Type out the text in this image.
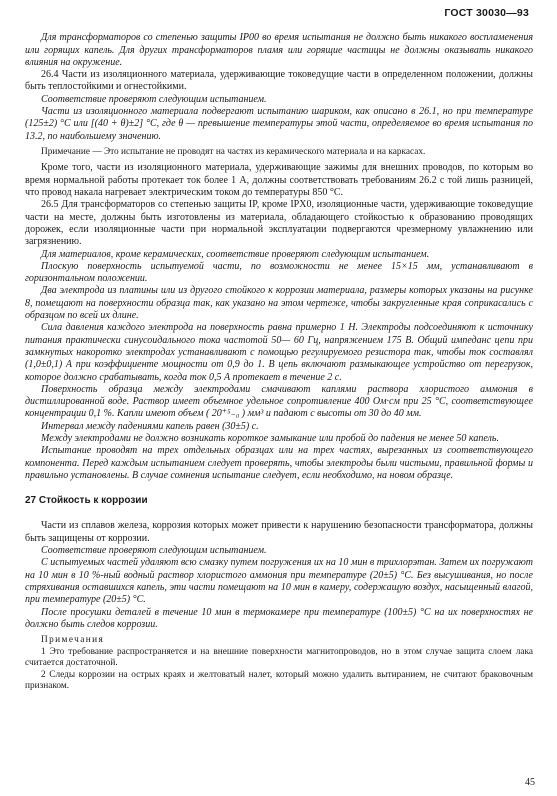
ГОСТ 30030—93

Для трансформаторов со степенью защиты IP00 во время испытания не должно быть никакого воспламенения или горящих капель. Для других трансформаторов пламя или горящие частицы не должны оказывать никакого влияния на окружение.

26.4 Части из изоляционного материала, удерживающие токоведущие части в определенном положении, должны быть теплостойкими и огнестойкими.

Соответствие проверяют следующим испытанием.

Части из изоляционного материала подвергают испытанию шариком, как описано в 26.1, но при температуре (125±2) °С или [(40 + θ)±2] °С, где θ — превышение температуры этой части, определяемое во время испытания по 13.2, по наибольшему значению.

Примечание — Это испытание не проводят на частях из керамического материала и на каркасах.

Кроме того, части из изоляционного материала, удерживающие зажимы для внешних проводов, по которым во время нормальной работы протекает ток более 1 А, должны соответствовать требованиям 26.2 с той лишь разницей, что провод накала нагревает электрическим током до температуры 850 °С.

26.5 Для трансформаторов со степенью защиты IP, кроме IPX0, изоляционные части, удерживающие токоведущие части на месте, должны быть изготовлены из материала, обладающего стойкостью к образованию проводящих дорожек, если изоляционные части при нормальной эксплуатации подвергаются чрезмерному увлажнению или загрязнению.

Для материалов, кроме керамических, соответствие проверяют следующим испытанием.

Плоскую поверхность испытуемой части, по возможности не менее 15×15 мм, устанавливают в горизонтальном положении.

Два электрода из платины или из другого стойкого к коррозии материала, размеры которых указаны на рисунке 8, помещают на поверхности образца так, как указано на этом чертеже, чтобы закругленные края соприкасались с образцом по всей их длине.

Сила давления каждого электрода на поверхность равна примерно 1 Н. Электроды подсоединяют к источнику питания практически синусоидального тока частотой 50— 60 Гц, напряжением 175 В. Общий импеданс цепи при замкнутых накоротко электродах устанавливают с помощью регулируемого резистора так, чтобы ток составлял (1,0±0,1) А при коэффициенте мощности от 0,9 до 1. В цепь включают размыкающее устройство от перегрузок, которое должно срабатывать, когда ток 0,5 А протекает в течение 2 с.

Поверхность образца между электродами смачивают каплями раствора хлористого аммония в дистиллированной воде. Раствор имеет объемное удельное сопротивление 400 Ом·см при 25 °С, соответствующее концентрации 0,1 %. Капли имеют объем ( 20⁺⁵₋₀ ) мм³ и падают с высоты от 30 до 40 мм.

Интервал между падениями капель равен (30±5) с.

Между электродами не должно возникать короткое замыкание или пробой до падения не менее 50 капель.

Испытание проводят на трех отдельных образцах или на трех частях, вырезанных из соответствующего компонента. Перед каждым испытанием следует проверять, чтобы электроды были чистыми, правильной формы и правильно установлены. В случае сомнения испытание следует, если необходимо, на новом образце.

27 Стойкость к коррозии

Части из сплавов железа, коррозия которых может привести к нарушению безопасности трансформатора, должны быть защищены от коррозии.

Соответствие проверяют следующим испытанием.

С испытуемых частей удаляют всю смазку путем погружения их на 10 мин в трихлорэтан. Затем их погружают на 10 мин в 10 %-ный водный раствор хлористого аммония при температуре (20±5) °С. Без высушивания, но после стряхивания оставшихся капель, эти части помещают на 10 мин в камеру, содержащую воздух, насыщенный влагой, при температуре (20±5) °С.

После просушки деталей в течение 10 мин в термокамере при температуре (100±5) °С на их поверхностях не должно быть следов коррозии.

Примечания

1 Это требование распространяется и на внешние поверхности магнитопроводов, но в этом случае защита слоем лака считается достаточной.

2 Следы коррозии на острых краях и желтоватый налет, который можно удалить вытиранием, не считают браковочным признаком.

45
